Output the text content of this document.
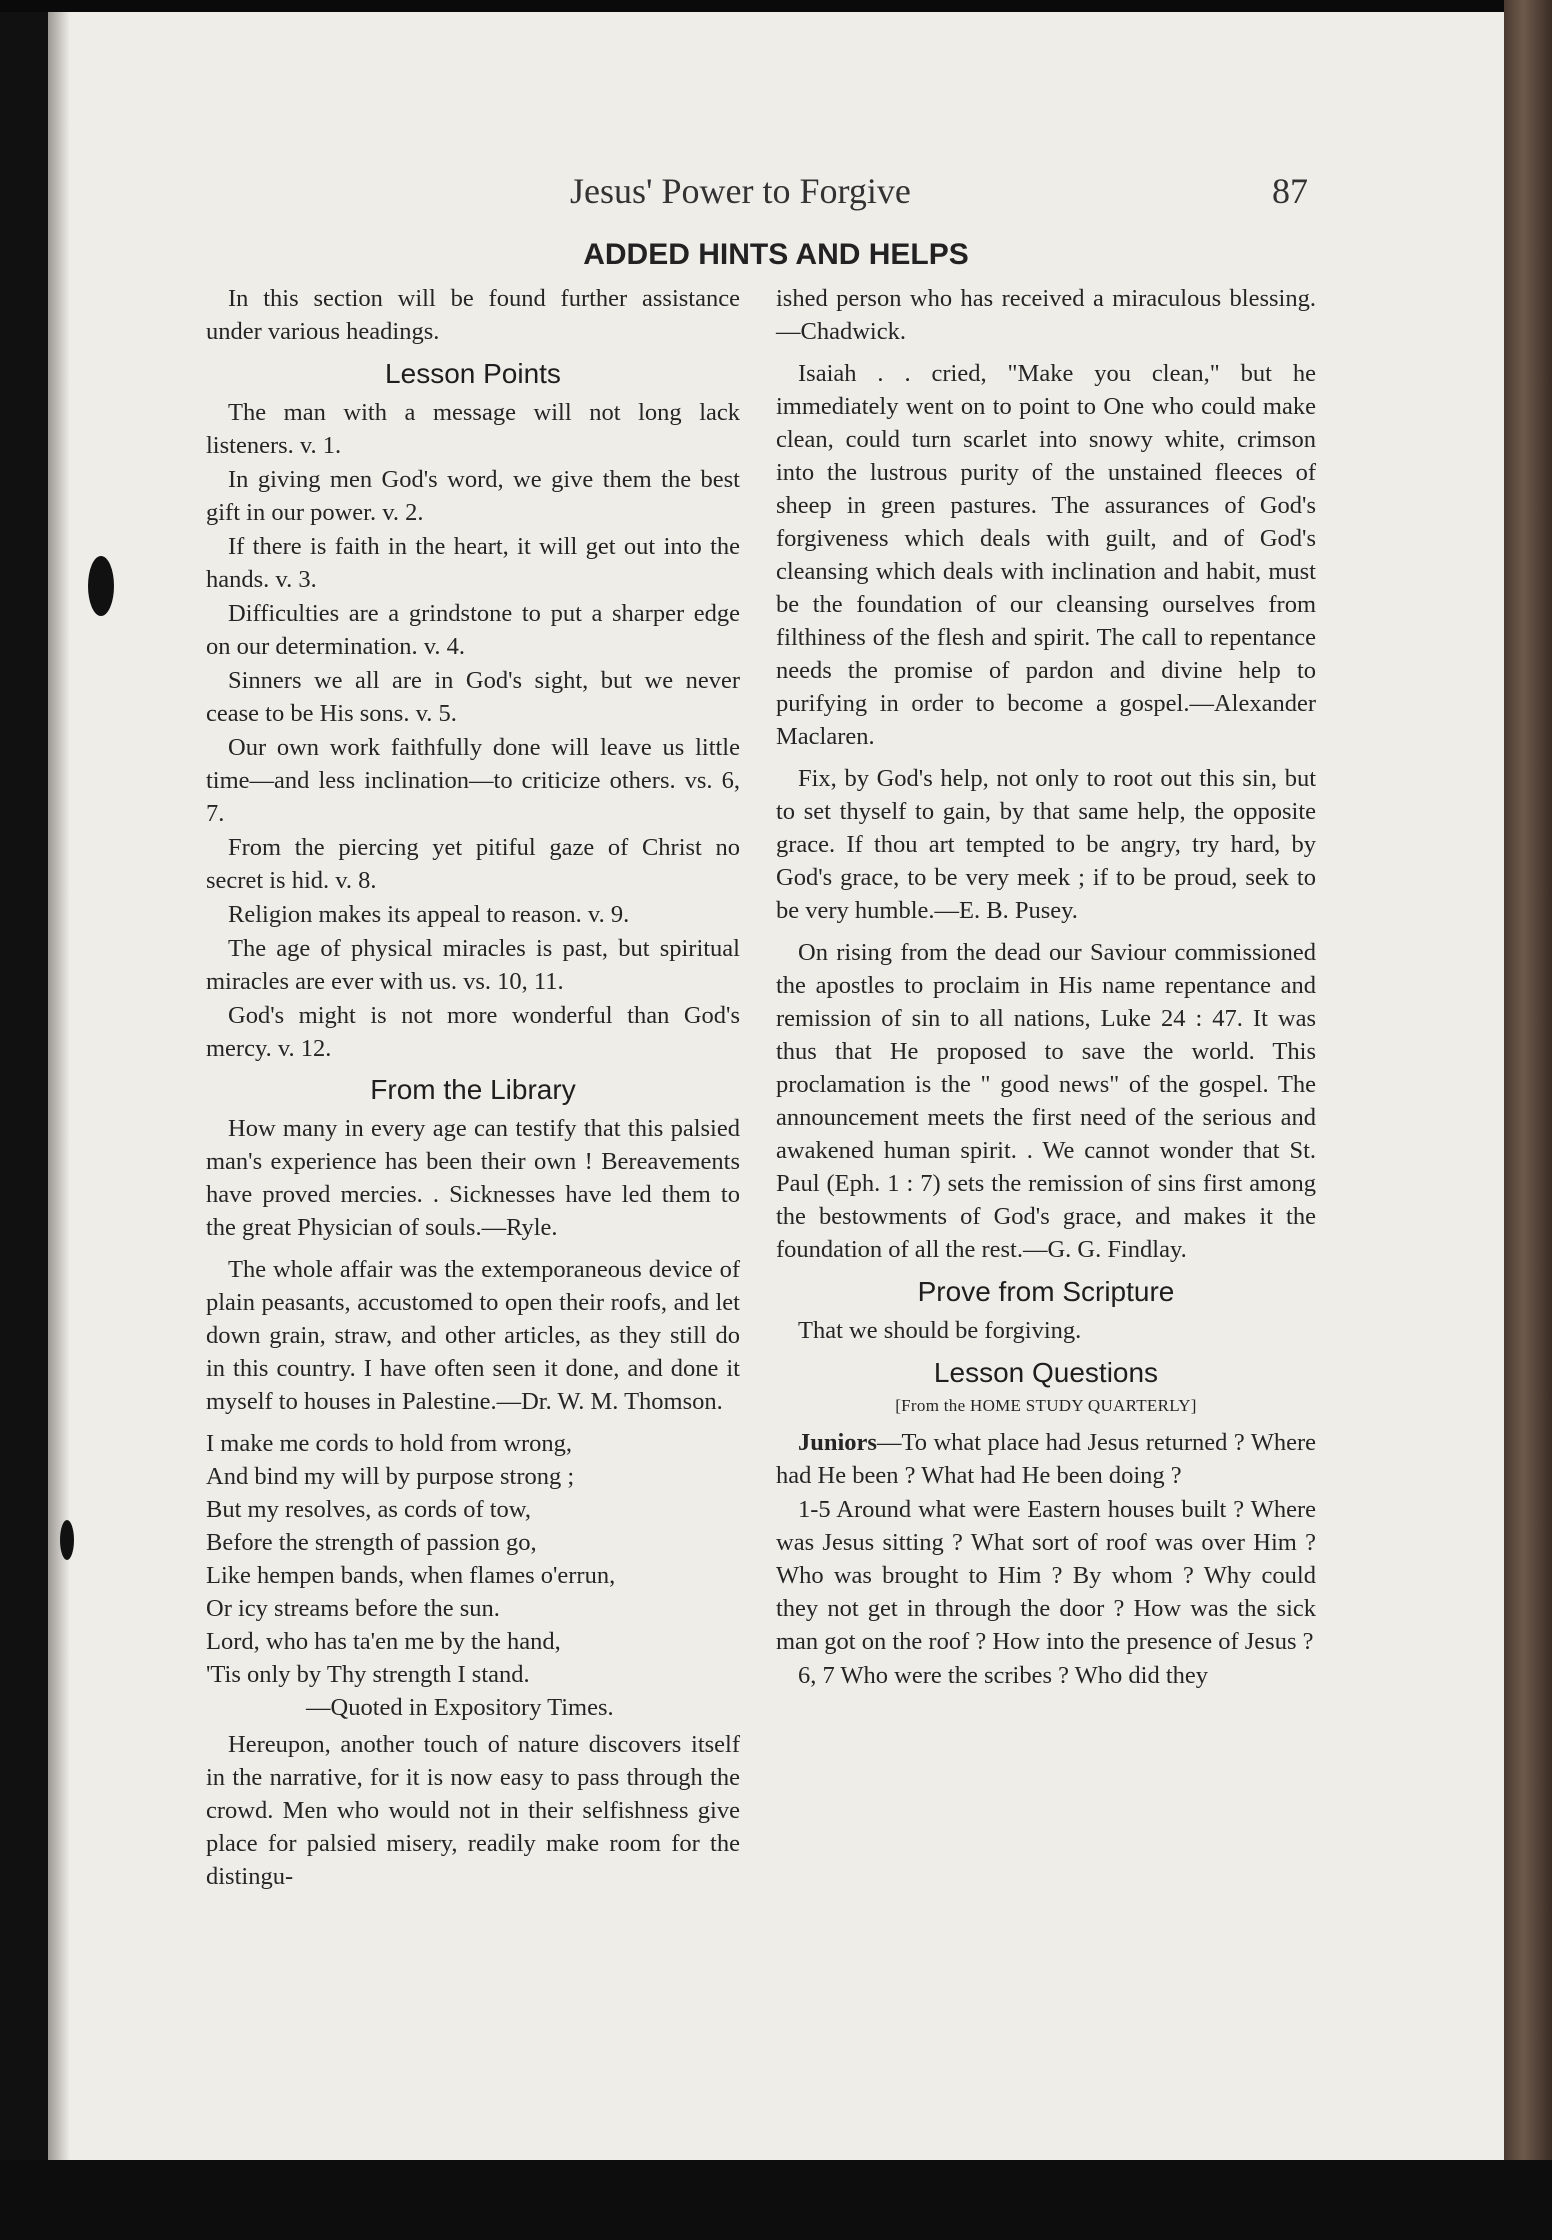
Jesus' Power to Forgive	87
ADDED HINTS AND HELPS

In this section will be found further assistance under various headings.

Lesson Points

The man with a message will not long lack listeners. v. 1.

In giving men God's word, we give them the best gift in our power. v. 2.

If there is faith in the heart, it will get out into the hands. v. 3.

Difficulties are a grindstone to put a sharper edge on our determination. v. 4.

Sinners we all are in God's sight, but we never cease to be His sons. v. 5.

Our own work faithfully done will leave us little time—and less inclination—to criticize others. vs. 6, 7.

From the piercing yet pitiful gaze of Christ no secret is hid. v. 8.

Religion makes its appeal to reason. v. 9.

The age of physical miracles is past, but spiritual miracles are ever with us. vs. 10, 11.

God's might is not more wonderful than God's mercy. v. 12.

From the Library

How many in every age can testify that this palsied man's experience has been their own ! Bereavements have proved mercies. . Sicknesses have led them to the great Physician of souls.—Ryle.

The whole affair was the extemporaneous device of plain peasants, accustomed to open their roofs, and let down grain, straw, and other articles, as they still do in this country. I have often seen it done, and done it myself to houses in Palestine.—Dr. W. M. Thomson.

I make me cords to hold from wrong,
And bind my will by purpose strong ;
But my resolves, as cords of tow,
Before the strength of passion go,
Like hempen bands, when flames o'errun,
Or icy streams before the sun.
Lord, who has ta'en me by the hand,
'Tis only by Thy strength I stand.
—Quoted in Expository Times.

Hereupon, another touch of nature discovers itself in the narrative, for it is now easy to pass through the crowd. Men who would not in their selfishness give place for palsied misery, readily make room for the distingu-

ished person who has received a miraculous blessing.—Chadwick.

Isaiah . . cried, "Make you clean," but he immediately went on to point to One who could make clean, could turn scarlet into snowy white, crimson into the lustrous purity of the unstained fleeces of sheep in green pastures. The assurances of God's forgiveness which deals with guilt, and of God's cleansing which deals with inclination and habit, must be the foundation of our cleansing ourselves from filthiness of the flesh and spirit. The call to repentance needs the promise of pardon and divine help to purifying in order to become a gospel.—Alexander Maclaren.

Fix, by God's help, not only to root out this sin, but to set thyself to gain, by that same help, the opposite grace. If thou art tempted to be angry, try hard, by God's grace, to be very meek ; if to be proud, seek to be very humble.—E. B. Pusey.

On rising from the dead our Saviour commissioned the apostles to proclaim in His name repentance and remission of sin to all nations, Luke 24 : 47. It was thus that He proposed to save the world. This proclamation is the " good news" of the gospel. The announcement meets the first need of the serious and awakened human spirit. . We cannot wonder that St. Paul (Eph. 1 : 7) sets the remission of sins first among the bestowments of God's grace, and makes it the foundation of all the rest.—G. G. Findlay.

Prove from Scripture

That we should be forgiving.

Lesson Questions
[From the HOME STUDY QUARTERLY]

Juniors—To what place had Jesus returned ? Where had He been ? What had He been doing ?

1-5 Around what were Eastern houses built ? Where was Jesus sitting ? What sort of roof was over Him ? Who was brought to Him ? By whom ? Why could they not get in through the door ? How was the sick man got on the roof ? How into the presence of Jesus ?

6, 7 Who were the scribes ? Who did they
